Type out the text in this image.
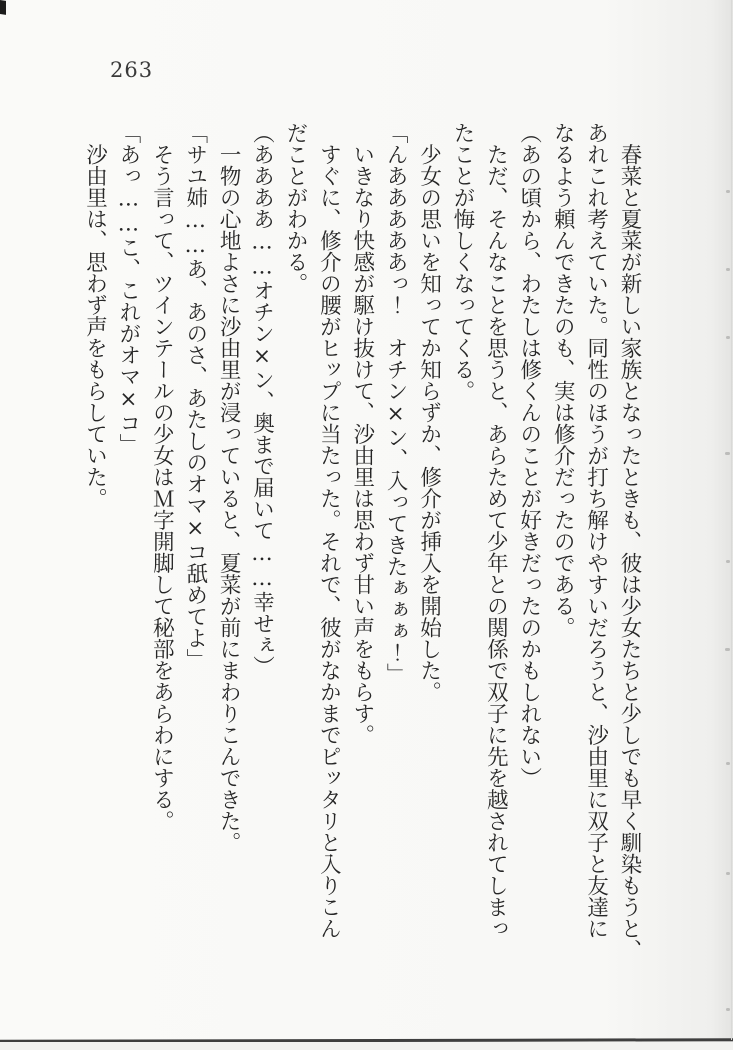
263
　春菜と夏菜が新しい家族となったときも、彼は少女たちと少しでも早く馴染もうと、
あれこれ考えていた。同性のほうが打ち解けやすいだろうと、沙由里に双子と友達に
なるよう頼んできたのも、実は修介だったのである。
（あの頃から、わたしは修くんのことが好きだったのかもしれない）
　ただ、そんなことを思うと、あらためて少年との関係で双子に先を越されてしまっ
たことが悔しくなってくる。
　少女の思いを知ってか知らずか、修介が挿入を開始した。
「んあああああっ！　オチン×ン、入ってきたぁぁぁ！」
　いきなり快感が駆け抜けて、沙由里は思わず甘い声をもらす。
　すぐに、修介の腰がヒップに当たった。それで、彼がなかまでピッタリと入りこん
だことがわかる。
（ああああ……オチン×ン、奥まで届いて……幸せぇ）
　一物の心地よさに沙由里が浸っていると、夏菜が前にまわりこんできた。
「サユ姉……あ、あのさ、あたしのオマ×コ舐めてよ」
　そう言って、ツインテールの少女はＭ字開脚して秘部をあらわにする。
「あっ……こ、これがオマ×コ」
　沙由里は、思わず声をもらしていた。
